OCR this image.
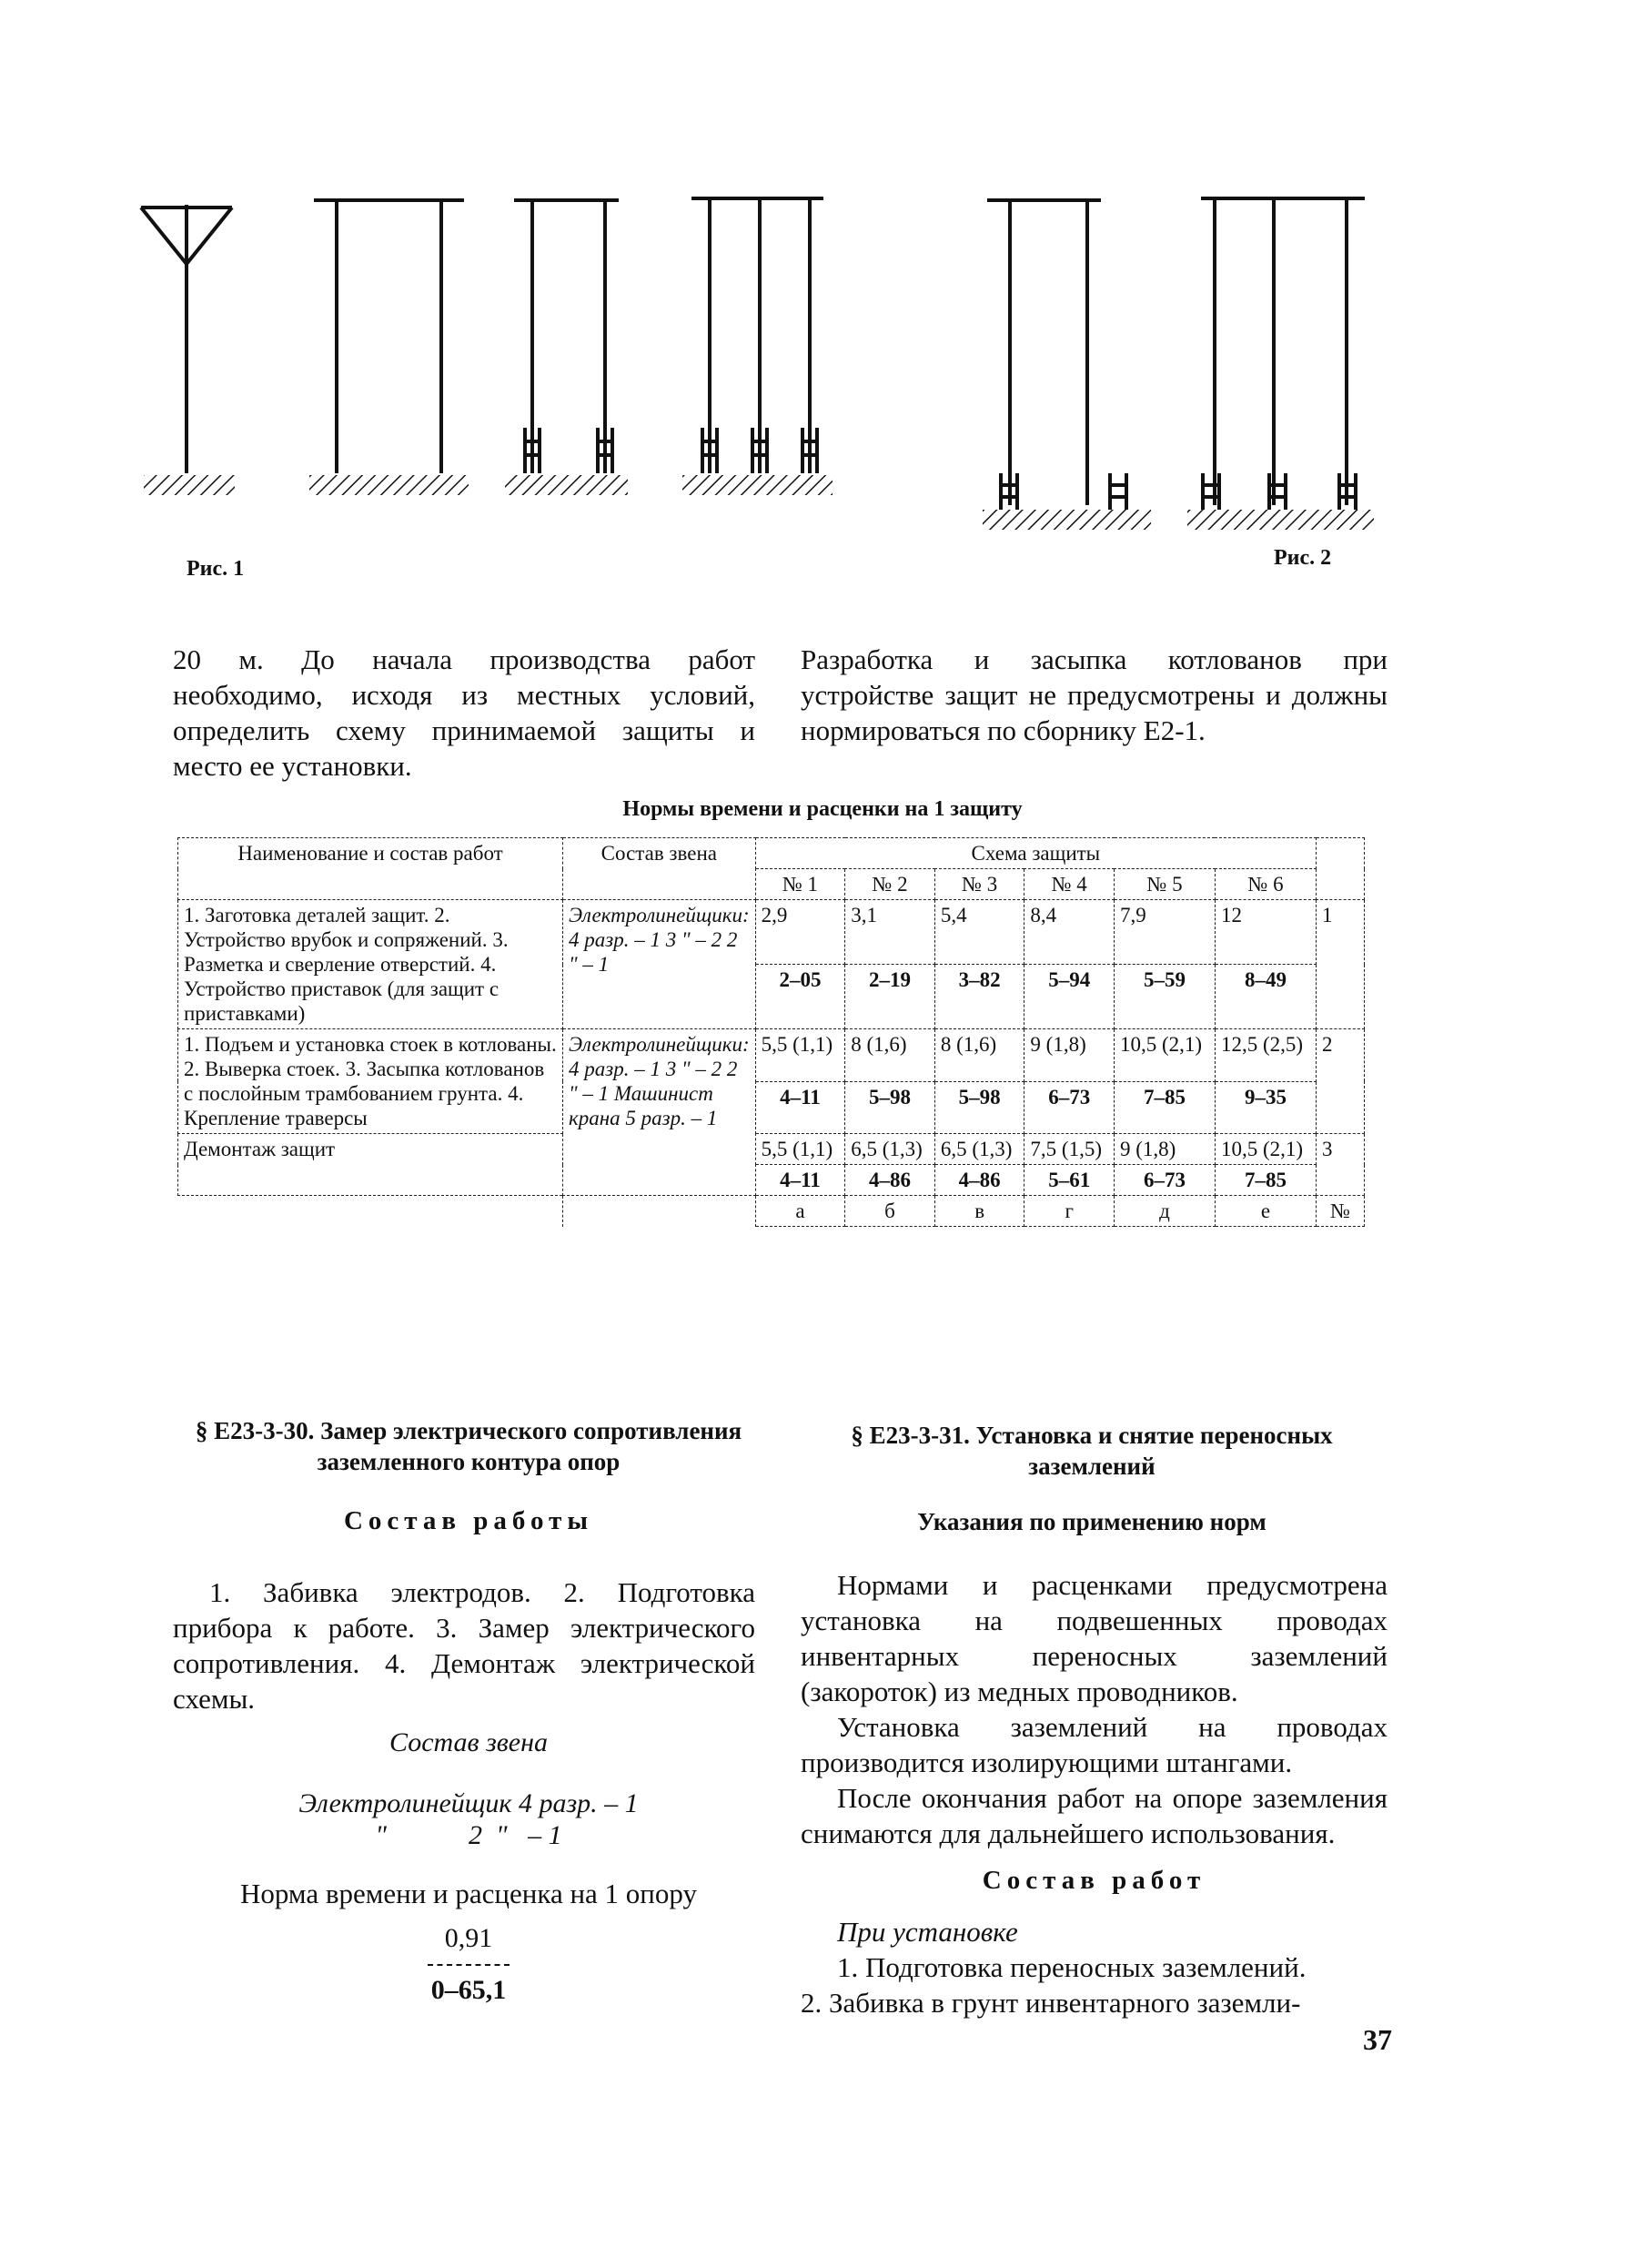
Рис. 1	Рис. 2
20 м. До начала производства работ необходимо, исходя из местных условий, определить схему принимаемой защиты и место ее установки.
Разработка и засыпка котлованов при устройстве защит не предусмотрены и должны нормироваться по сборнику Е2-1.
Нормы времени и расценки на 1 защиту
Наименование и состав работ	Состав звена	Схема защиты						
		№ 1	№ 2	№ 3	№ 4	№ 5	№ 6	
1. Заготовка деталей защит. 2. Устройство врубок и сопряжений. 3. Разметка и сверление отверстий. 4. Устройство приставок (для защит с приставками)	Электролинейщики: 4 разр. – 1 3 " – 2 2 " – 1	2,9	3,1	5,4	8,4	7,9	12	1
		2–05	2–19	3–82	5–94	5–59	8–49	
1. Подъем и установка стоек в котлованы. 2. Выверка стоек. 3. Засыпка котлованов с послойным трамбованием грунта. 4. Крепление траверсы	Электролинейщики: 4 разр. – 1 3 " – 2 2 " – 1 Машинист крана 5 разр. – 1	5,5 (1,1)	8 (1,6)	8 (1,6)	9 (1,8)	10,5 (2,1)	12,5 (2,5)	2
		4–11	5–98	5–98	6–73	7–85	9–35	
Демонтаж защит		5,5 (1,1)	6,5 (1,3)	6,5 (1,3)	7,5 (1,5)	9 (1,8)	10,5 (2,1)	3
		4–11	4–86	4–86	5–61	6–73	7–85	
		а	б	в	г	д	е	№
§ Е23-3-30. Замер электрического сопротивления заземленного контура опор
Состав работы
1. Забивка электродов. 2. Подготовка прибора к работе. 3. Замер электрического сопротивления. 4. Демонтаж электрической схемы.
Состав звена
Электролинейщик 4 разр. – 1
"            2  "   – 1
Норма времени и расценка на 1 опору
0,91
0–65,1
§ Е23-3-31. Установка и снятие переносных заземлений
Указания по применению норм

Нормами и расценками предусмотрена установка на подвешенных проводах инвентарных переносных заземлений (закороток) из медных проводников.

Установка заземлений на проводах производится изолирующими штангами.

После окончания работ на опоре заземления снимаются для дальнейшего использования.

Состав работ

При установке

1. Подготовка переносных заземлений.

2. Забивка в грунт инвентарного заземли-

37
